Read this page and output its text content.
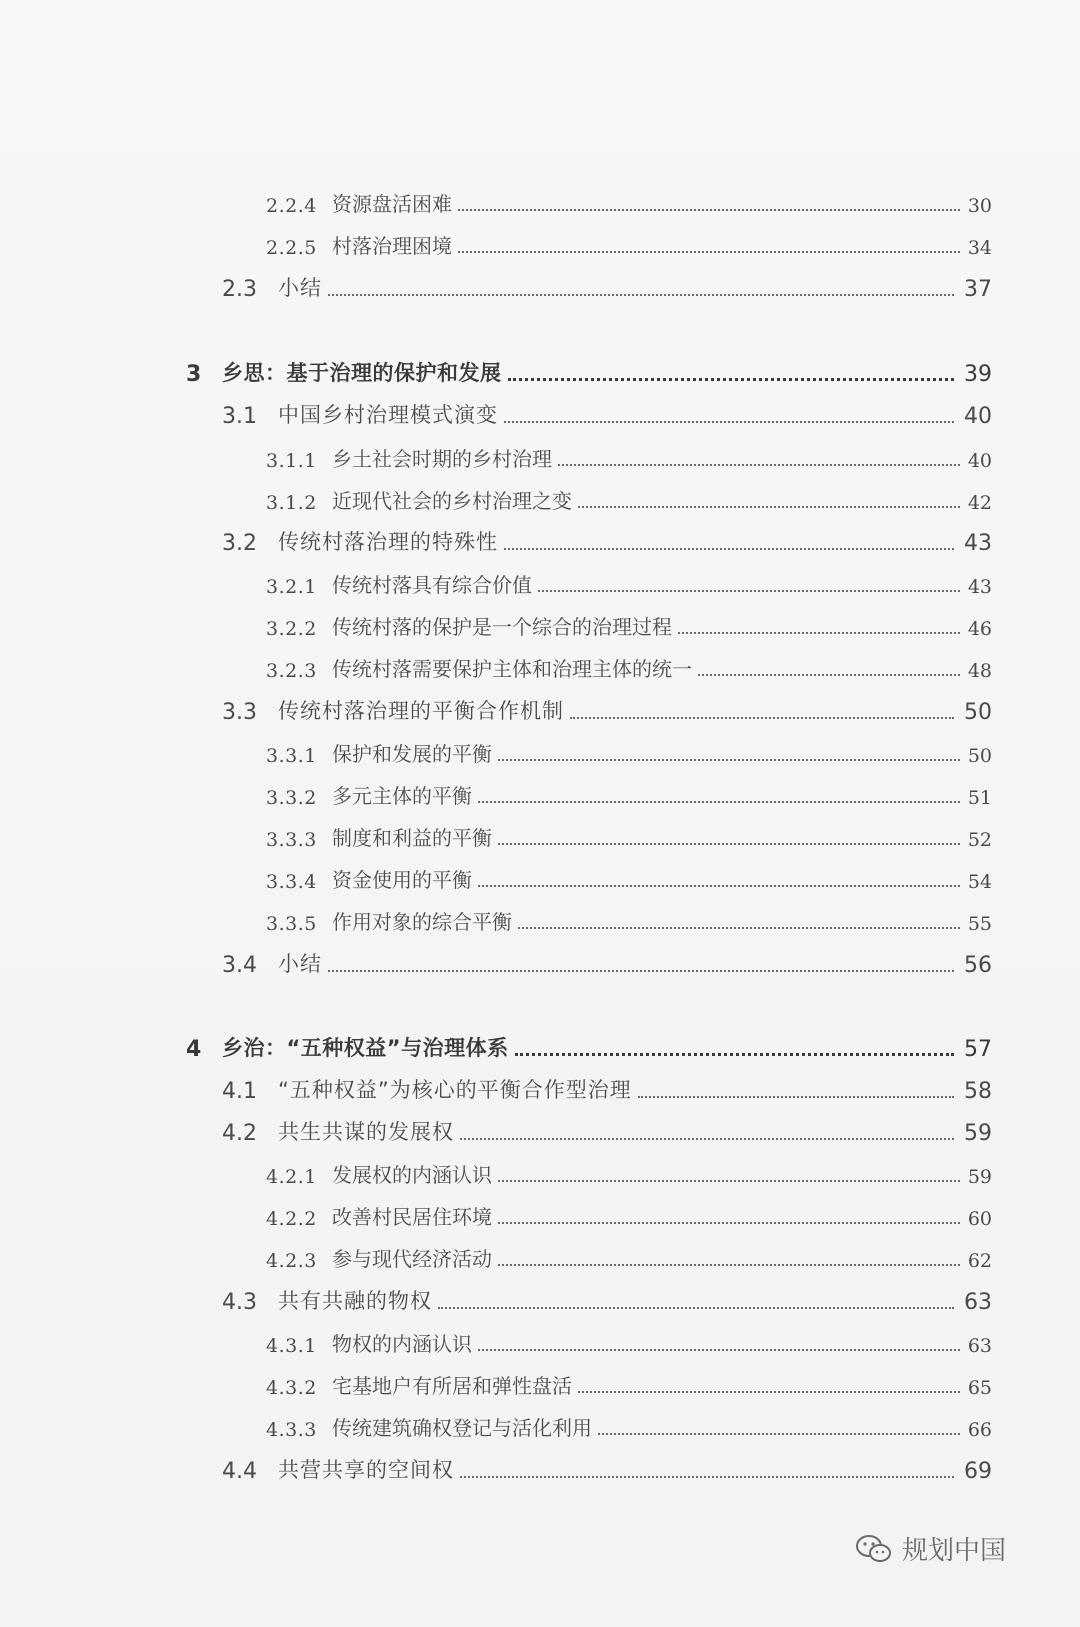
2.2.4 资源盘活困难	30
2.2.5 村落治理困境	34
2.3 小结	37
3 乡思：基于治理的保护和发展	39
3.1 中国乡村治理模式演变	40
3.1.1 乡土社会时期的乡村治理	40
3.1.2 近现代社会的乡村治理之变	42
3.2 传统村落治理的特殊性	43
3.2.1 传统村落具有综合价值	43
3.2.2 传统村落的保护是一个综合的治理过程	46
3.2.3 传统村落需要保护主体和治理主体的统一	48
3.3 传统村落治理的平衡合作机制	50
3.3.1 保护和发展的平衡	50
3.3.2 多元主体的平衡	51
3.3.3 制度和利益的平衡	52
3.3.4 资金使用的平衡	54
3.3.5 作用对象的综合平衡	55
3.4 小结	56
4 乡治：“五种权益”与治理体系	57
4.1 “五种权益”为核心的平衡合作型治理	58
4.2 共生共谋的发展权	59
4.2.1 发展权的内涵认识	59
4.2.2 改善村民居住环境	60
4.2.3 参与现代经济活动	62
4.3 共有共融的物权	63
4.3.1 物权的内涵认识	63
4.3.2 宅基地户有所居和弹性盘活	65
4.3.3 传统建筑确权登记与活化利用	66
4.4 共营共享的空间权	69
规划中国
